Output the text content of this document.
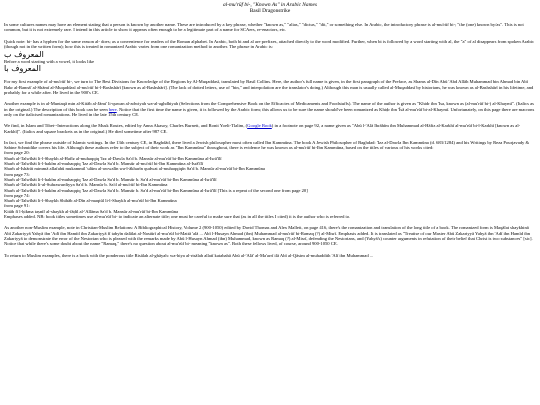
al-mu'rūf bi-, "Known As" in Arabic Names
Basil Dragonstrike

In some cultures names may have an element stating that a person is known by another name. These are introduced by a key phrase, whether "known as," "alias," "dictus," "dit," or something else. In Arabic, the introductory phrase is al-mu'rūf bi-; "the (one) known by/as". This is not common, but it is not extremely rare. I intend in this article to show it appears often enough to be a legitimate part of a name for SCAers, re-enactors, etc.

Quick note: bi- has a hyphen for the same reason al- does; as a convenience for readers of the Roman alphabet. In Arabic, both bi and al are prefixes, attached directly to the word modified. Further, when bi is followed by a word starting with al, the "a" of al disappears from spoken Arabic (though not in the written form); how this is treated in romanized Arabic varies from one romanization method to another. The phrase in Arabic is:

المعروف ب
Before a word starting with a vowel, it looks like
المعروف با

For my first example of al-mu'rūf bi-, we turn to The Best Divisions for Knowledge of the Regions by Al-Muqaddasī, translated by Basil Collins. Here, the author's full name is given, in the first paragraph of the Preface, as Shams al-Dīn Abū 'Abd Allāh Muhammad bin Ahmad bin Abī Bakr al-Bannā' al-Shāmī al-Muqaddasī al-mu'rūf bi-l-Bashshārī [known as al-Bashshārī]. (The lack of dotted letters, use of "bin," and interpolation are the translator's doing.) Although this man is usually called al-Muqaddasī by historians, he was known as al-Bashshārī in his lifetime, and probably for a while after. He lived in the 900's CE.

Another example is in al-Muntaqā min al-Kitāb al-Jāmi' li-quwan al-adwiyah wa-al-aghdhiyah (Selections from the Comprehensive Book on the Efficacies of Medicaments and Foodstuffs). The name of the author is given as "Khidr ibn 'Isa, known as (al-mu'rūf bi-) al-Khaymī". (Italics as in the original.) The description of this book can be seen here. Notice that the first time the name is given, it is followed by the Arabic form; this allows us to be sure the name should've been romanized as Khiḍr ibn 'Īsā al-mu'rūf bi-al-Khaymī. Unfortunately, on this page there are macrons only on the italicised romanizations. He lived in the late 15th century CE.

We find, in Islam and Tibet--Interactions along the Musk Routes, edited by Anna Akasoy, Charles Burnett, and Ronit Yoeli-Tlalim, (Google Book) in a footnote on page 92, a name given as "Abū l-'Alā Ibrāhīm ibn Muhammad al-Hāfiz al-Karkhī al-mu'rūf bi-l-Karkhī [known as al-Karkhī]". (Italics and square brackets as in the original.) He died sometime after 987 CE.

In fact, we find the phrase outside of Islamic writings. In the 13th century CE, in Baghdād, there lived a Jewish philosopher most often called Ibn Kammūna. The book A Jewish Philosopher of Baghdad: 'Izz al-Dawla Ibn Kammūna (d. 683/1284) and his Writings by Reza Pourjavady & Sabine Schmidtke covers his life. Although these authors refer to the subject of their work as "Ibn Kammūna" throughout, there is evidence he was known as al-mu'rūf bi-Ibn Kammūna, based on the titles of various of his works cited:

from page 20:
Sharh al-Talwīhāt li-l-Shaykh al-Hafīz al-muhaqqiq 'Izz al-Dawla Sa'd b. Mansūr al-mu'rūf bi-Ibn Kammūna al-Isrā'īlī
Sharh al-Talwīhāt li-l-hakīm al-muhaqqiq 'Izz al-Dawla Sa'd b. Mansūr al-mu'rūf bi-Ibn Kammūna al-Isrā'īlī
Sharh al-Ishārāt mimmā allafahū mukammil 'ulūm al-awwalīn wa-l-ākharīn qudwat al-muhaqqiqīn Sa'd b. Mansūr al-mu'rūf bi-Ibn Kammūna
from page 73:
Sharh al-Talwīhāt li-l-hakīm al-muhaqqiq 'Izz al-Dawla Sa'd b. Mansūr b. Sa'd al-mu'rūf bi-Ibn Kammūna al-Isrā'īlī
Sharh al-Talwīhāt li-al-Suhrawardiyya Sa'd b. Mansūr b. Sa'd al-mu'rūf bi-Ibn Kammūna
Sharh al-Talwīhāt li-l-hakīm al-muhaqqiq 'Izz al-Dawla Sa'd b. Mansūr b. Sa'd al-mu'rūf bi-Ibn Kammūna al-Isrā'īlī [This is a repeat of the second one from page 20]
from page 74:
Sharh al-Talwīhāt li-l-Shaykh Shihāb al-Dīn al-maqtūl li-l-Shaykh al-mu'rūf bi-Ibn Kammūna
from page 91:
Kitāb fī l-ḥikma taṣnīf al-shaykh al-fāḍil al-'Allāma Sa'd b. Mansūr al-mu'rūf bi-Ibn Kammūna

Emphases added. NB: book titles sometimes use al-mu'rūf bi- to indicate an alternate title; one must be careful to make sure that (as in all the titles I cited) it is the author who is referred to.

As another non-Muslim example, note in Christian-Muslim Relations: A Bibliographical History, Volume 2 (900-1050) edited by David Thomas and Alex Mallett, on page 416, there's the romanization and translation of the long title of a book. The romanized form is Maqālat shaykhinā Abī Zakariyyā Yahyā ibn 'Adī ibn Hamīd ibn Zakariyyā fī tabyīn dalālat al-Nastūrī al-mu'rūf bi-Mattā 'alā ... Abī l-Husayn Ahmad (ibn) Muhammad al-mu'rūf bi-Ramaq (?) al-Misrī. Emphasis added. It is translated as "Treatise of our Master Abū Zakariyyā Yahyā ibn 'Adī ibn Hamīd ibn Zakariyyā to demonstrate the error of the Nestorian who is pleased with the remarks made by Abū l-Husayn Ahmad (ibn) Muhammad, known as Ramaq (?) al-Misrī, defending the Nestorians, and (Yahyā's) counter arguments in refutation of their belief that Christ is two substances" [sic]. Notice that while there's some doubt about the name "Ramaq," there's no question about al-mu'rūf bi- meaning "known as". Both these fellows lived, of course, around 900-1050 CE.

To return to Muslim examples, there is a book with the ponderous title Risālah al-ghāyah: wa-hiya al-risālah allatī katabahā Abū al-'Alā' al-Ma'arrī ilā Abī al-Qāsim al-muhaddith 'Alī ibn Muhammad ...
